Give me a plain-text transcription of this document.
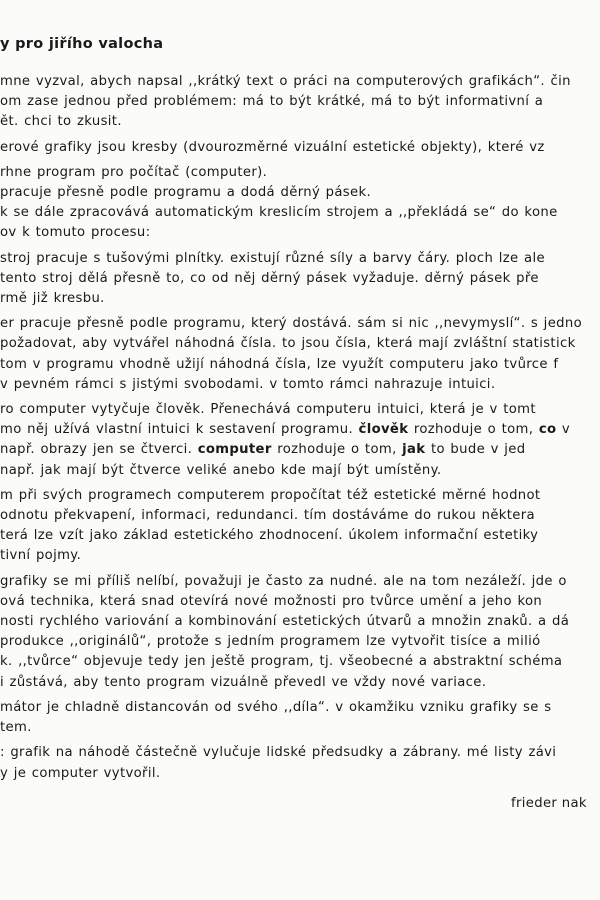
y pro jiřího valocha
mne vyzval, abych napsal ,,krátký text o práci na computerových grafikách“. čin
om zase jednou před problémem: má to být krátké, má to být informativní a
ět. chci to zkusit.
erové grafiky jsou kresby (dvourozměrné vizuální estetické objekty), které vz
rhne program pro počítač (computer).
pracuje přesně podle programu a dodá děrný pásek.
k se dále zpracovává automatickým kreslicím strojem a ,,překládá se“ do kone
ov k tomuto procesu:
stroj pracuje s tušovými plnítky. existují různé síly a barvy čáry. ploch lze ale
tento stroj dělá přesně to, co od něj děrný pásek vyžaduje. děrný pásek pře
rmě již kresbu.
er pracuje přesně podle programu, který dostává. sám si nic ,,nevymyslí“. s jedno
požadovat, aby vytvářel náhodná čísla. to jsou čísla, která mají zvláštní statistick
tom v programu vhodně užijí náhodná čísla, lze využít computeru jako tvůrce f
v pevném rámci s jistými svobodami. v tomto rámci nahrazuje intuici.
ro computer vytyčuje člověk. Přenechává computeru intuici, která je v tomt
mo něj užívá vlastní intuici k sestavení programu. člověk rozhoduje o tom, co v
např. obrazy jen se čtverci. computer rozhoduje o tom, jak to bude v jed
např. jak mají být čtverce veliké anebo kde mají být umístěny.
m při svých programech computerem propočítat též estetické měrné hodnot
odnotu překvapení, informaci, redundanci. tím dostáváme do rukou některa
terá lze vzít jako základ estetického zhodnocení. úkolem informační estetiky
tivní pojmy.
grafiky se mi příliš nelíbí, považuji je často za nudné. ale na tom nezáleží. jde o
ová technika, která snad otevírá nové možnosti pro tvůrce umění a jeho kon
nosti rychlého variování a kombinování estetických útvarů a množin znaků. a dá
produkce ,,originálů“, protože s jedním programem lze vytvořit tisíce a milió
k. ,,tvůrce“ objevuje tedy jen ještě program, tj. všeobecné a abstraktní schéma
i zůstává, aby tento program vizuálně převedl ve vždy nové variace.
mátor je chladně distancován od svého ,,díla“. v okamžiku vzniku grafiky se s
tem.
: grafik na náhodě částečně vylučuje lidské předsudky a zábrany. mé listy závi
y je computer vytvořil.
frieder nak
